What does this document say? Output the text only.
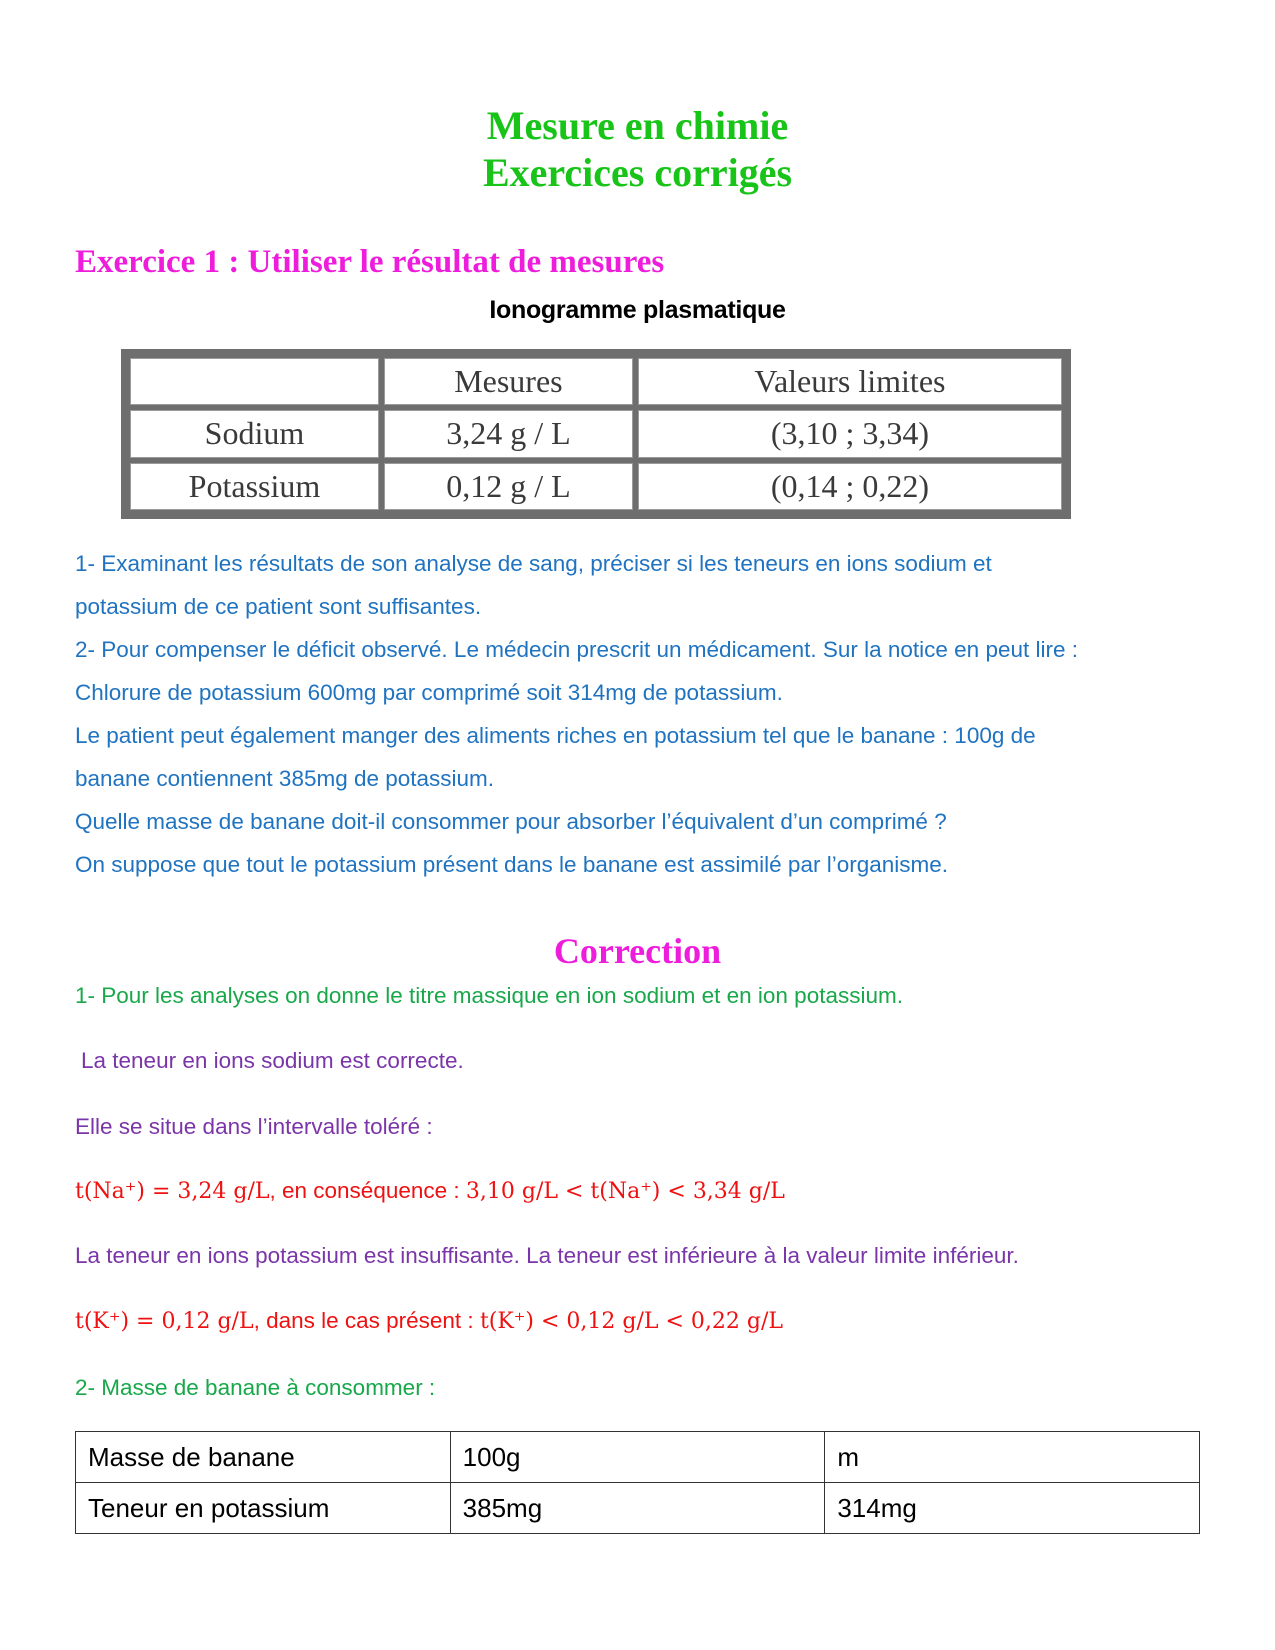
Mesure en chimie
Exercices corrigés
Exercice 1 : Utiliser le résultat de mesures
Ionogramme plasmatique
	Mesures	Valeurs limites
Sodium	3,24 g / L	(3,10 ; 3,34)
Potassium	0,12 g / L	(0,14 ; 0,22)
1- Examinant les résultats de son analyse de sang, préciser si les teneurs en ions sodium et
potassium de ce patient sont suffisantes.
2- Pour compenser le déficit observé. Le médecin prescrit un médicament. Sur la notice en peut lire :
Chlorure de potassium 600mg par comprimé soit 314mg de potassium.
Le patient peut également manger des aliments riches en potassium tel que le banane : 100g de
banane contiennent 385mg de potassium.
Quelle masse de banane doit-il consommer pour absorber l’équivalent d’un comprimé ?
On suppose que tout le potassium présent dans le banane est assimilé par l’organisme.
Correction
1- Pour les analyses on donne le titre massique en ion sodium et en ion potassium.
La teneur en ions sodium est correcte.
Elle se situe dans l’intervalle toléré :
t(Na⁺) = 3,24 g/L, en conséquence : 3,10 g/L < t(Na⁺) < 3,34 g/L
La teneur en ions potassium est insuffisante. La teneur est inférieure à la valeur limite inférieur.
t(K⁺) = 0,12 g/L, dans le cas présent : t(K⁺) < 0,12 g/L < 0,22 g/L
2- Masse de banane à consommer :
Masse de banane	100g	m
Teneur en potassium	385mg	314mg
